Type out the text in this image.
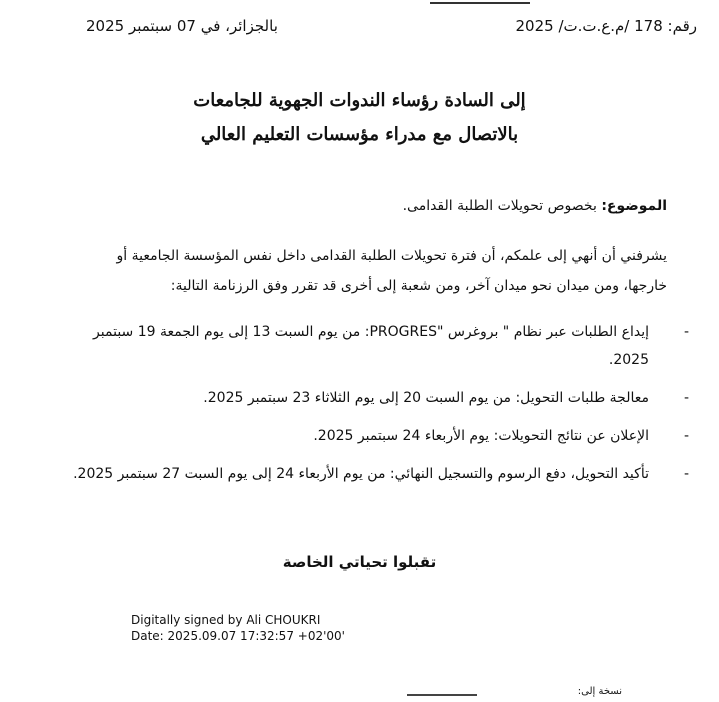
رقم: 178 /م.ع.ت.ت/ 2025
بالجزائر، في 07 سبتمبر 2025
إلى السادة رؤساء الندوات الجهوية للجامعات
بالاتصال مع مدراء مؤسسات التعليم العالي
الموضوع: بخصوص تحويلات الطلبة القدامى.
يشرفني أن أنهي إلى علمكم، أن فترة تحويلات الطلبة القدامى داخل نفس المؤسسة الجامعية أو
خارجها، ومن ميدان نحو ميدان آخر، ومن شعبة إلى أخرى قد تقرر وفق الرزنامة التالية:
-
إيداع الطلبات عبر نظام " بروغرس "PROGRES: من يوم السبت 13 إلى يوم الجمعة 19 سبتمبر 2025.
-
معالجة طلبات التحويل: من يوم السبت 20 إلى يوم الثلاثاء 23 سبتمبر 2025.
-
الإعلان عن نتائج التحويلات: يوم الأربعاء 24 سبتمبر 2025.
-
تأكيد التحويل، دفع الرسوم والتسجيل النهائي: من يوم الأربعاء 24 إلى يوم السبت 27 سبتمبر 2025.
تقبلوا تحياتي الخاصة
Digitally signed by Ali CHOUKRI
Date: 2025.09.07 17:32:57 +02'00'
نسخة إلى:
